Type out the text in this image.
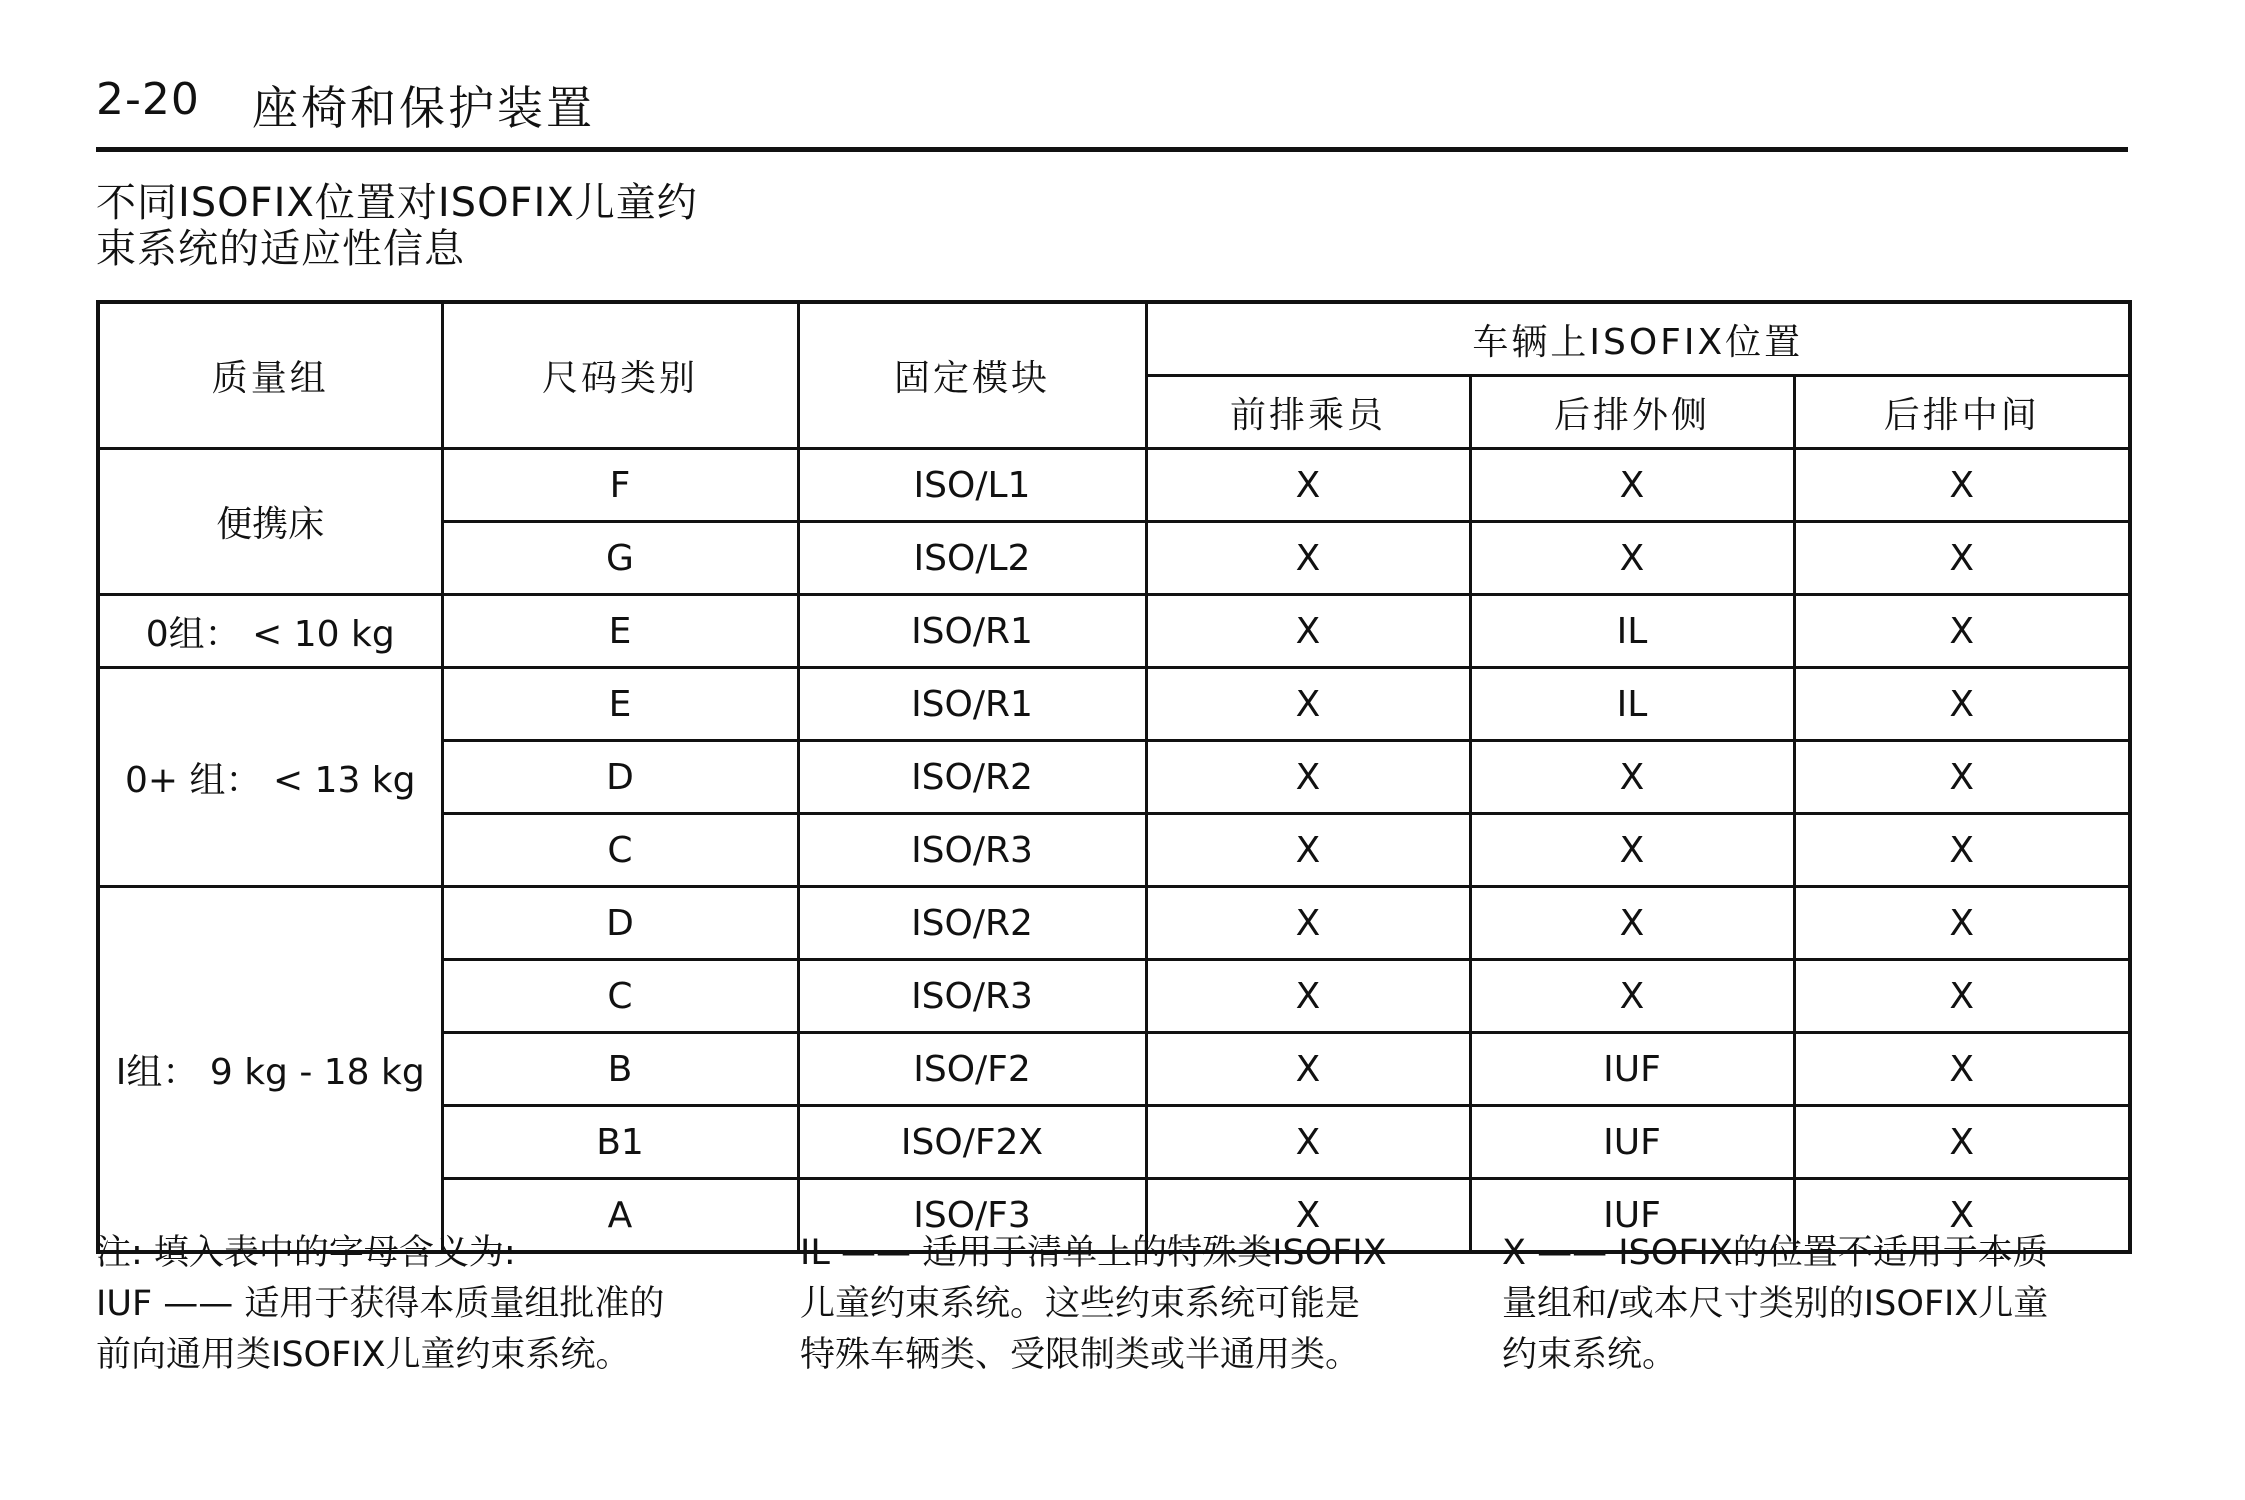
2-20 座椅和保护装置
不同ISOFIX位置对ISOFIX儿童约
束系统的适应性信息
质量组	尺码类别	固定模块	车辆上ISOFIX位置		
			前排乘员	后排外侧	后排中间
便携床	F	ISO/L1	X	X	X
	G	ISO/L2	X	X	X
0组： < 10 kg	E	ISO/R1	X	IL	X
0+ 组： < 13 kg	E	ISO/R1	X	IL	X
	D	ISO/R2	X	X	X
	C	ISO/R3	X	X	X
I组： 9 kg - 18 kg	D	ISO/R2	X	X	X
	C	ISO/R3	X	X	X
	B	ISO/F2	X	IUF	X
	B1	ISO/F2X	X	IUF	X
	A	ISO/F3	X	IUF	X
注: 填入表中的字母含义为:
IUF —— 适用于获得本质量组批准的
前向通用类ISOFIX儿童约束系统。
IL —— 适用于清单上的特殊类ISOFIX
儿童约束系统。这些约束系统可能是
特殊车辆类、受限制类或半通用类。
X —— ISOFIX的位置不适用于本质
量组和/或本尺寸类别的ISOFIX儿童
约束系统。
